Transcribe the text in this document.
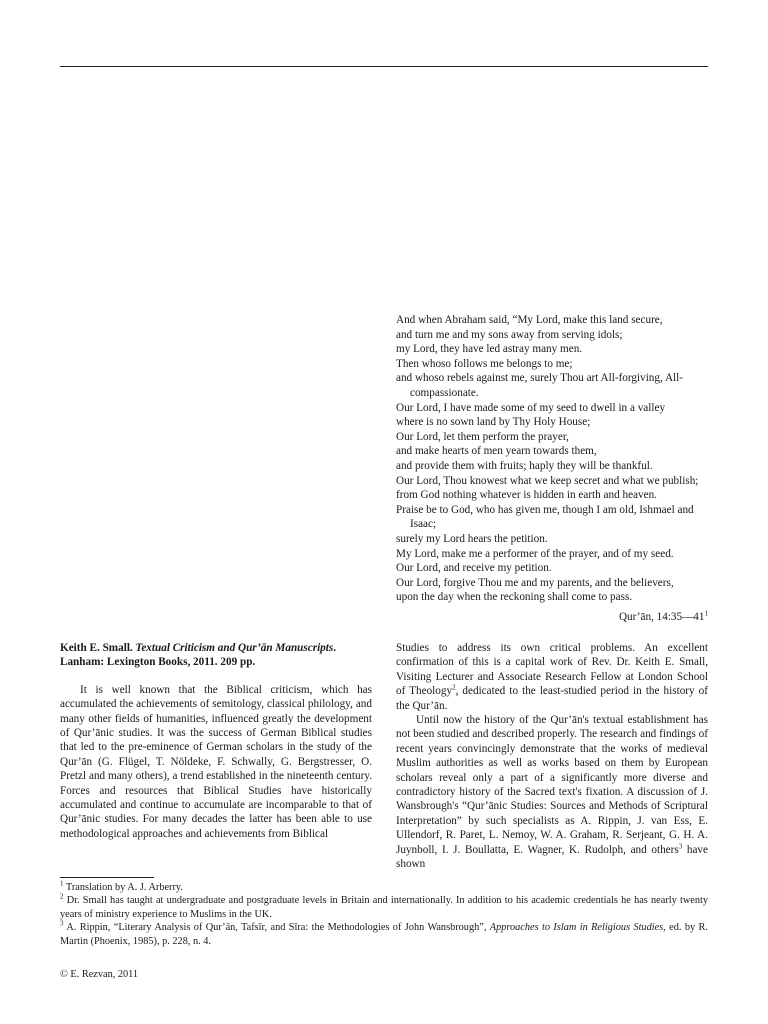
And when Abraham said, “My Lord, make this land secure,

and turn me and my sons away from serving idols;

my Lord, they have led astray many men.

Then whoso follows me belongs to me;

and whoso rebels against me, surely Thou art All-forgiving, All-compassionate.

Our Lord, I have made some of my seed to dwell in a valley

where is no sown land by Thy Holy House;

Our Lord, let them perform the prayer,

and make hearts of men yearn towards them,

and provide them with fruits; haply they will be thankful.

Our Lord, Thou knowest what we keep secret and what we publish;

from God nothing whatever is hidden in earth and heaven.

Praise be to God, who has given me, though I am old, Ishmael and Isaac;

surely my Lord hears the petition.

My Lord, make me a performer of the prayer, and of my seed.

Our Lord, and receive my petition.

Our Lord, forgive Thou me and my parents, and the believers,

upon the day when the reckoning shall come to pass.

Qur’ān, $14:35—41^1$

Keith E. Small. Textual Criticism and Qur’ān Manuscripts. Lanham: Lexington Books, 2011. 209 pp.

It is well known that the Biblical criticism, which has accumulated the achievements of semitology, classical philology, and many other fields of humanities, influenced greatly the development of Qur’ānic studies. It was the success of German Biblical studies that led to the pre-eminence of German scholars in the study of the Qur’ān (G. Flügel, T. Nöldeke, F. Schwally, G. Bergstresser, O. Pretzl and many others), a trend established in the nineteenth century. Forces and resources that Biblical Studies have historically accumulated and continue to accumulate are incomparable to that of Qur’ānic studies. For many decades the latter has been able to use methodological approaches and achievements from Biblical

Studies to address its own critical problems. An excellent confirmation of this is a capital work of Rev. Dr. Keith E. Small, Visiting Lecturer and Associate Research Fellow at London School of Theology$^2$, dedicated to the least-studied period in the history of the Qur’ān.

Until now the history of the Qur’ān's textual establishment has not been studied and described properly. The research and findings of recent years convincingly demonstrate that the works of medieval Muslim authorities as well as works based on them by European scholars reveal only a part of a significantly more diverse and contradictory history of the Sacred text's fixation. A discussion of J. Wansbrough's “Qur’ānic Studies: Sources and Methods of Scriptural Interpretation” by such specialists as A. Rippin, J. van Ess, E. Ullendorf, R. Paret, L. Nemoy, W. A. Graham, R. Serjeant, G. H. A. Juynboll, I. J. Boullatta, E. Wagner, K. Rudolph, and others$^3$ have shown

$^1$ Translation by A. J. Arberry.

$^2$ Dr. Small has taught at undergraduate and postgraduate levels in Britain and internationally. In addition to his academic credentials he has nearly twenty years of ministry experience to Muslims in the UK.

$^3$ A. Rippin, “Literary Analysis of Qur’ān, Tafsīr, and Sīra: the Methodologies of John Wansbrough”, Approaches to Islam in Religious Studies, ed. by R. Martin (Phoenix, 1985), p. 228, n. 4.

© E. Rezvan, 2011
